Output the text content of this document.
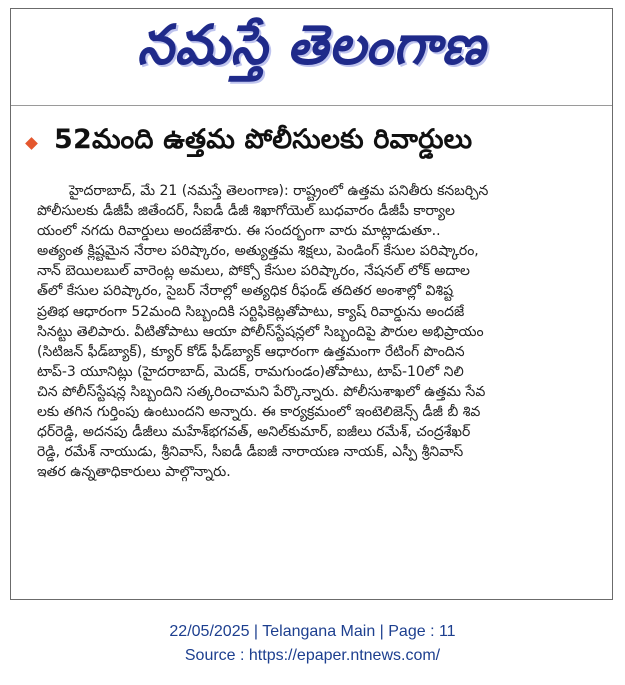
నమస్తే తెలంగాణ
52మంది ఉత్తమ పోలీసులకు రివార్డులు
హైదరాబాద్, మే 21 (నమస్తే తెలంగాణ): రాష్ట్రంలో ఉత్తమ పనితీరు కనబర్చిన
పోలీసులకు డీజీపీ జితేందర్, సీఐడీ డీజీ శిఖాగోయెల్ బుధవారం డీజీపీ కార్యాల
యంలో నగదు రివార్డులు అందజేశారు. ఈ సందర్భంగా వారు మాట్లాడుతూ..
అత్యంత క్లిష్టమైన నేరాల పరిష్కారం, అత్యుత్తమ శిక్షలు, పెండింగ్ కేసుల పరిష్కారం,
నాన్ బెయిలబుల్ వారెంట్ల అమలు, పోక్సో కేసుల పరిష్కారం, నేషనల్ లోక్ అదాల
త్‌లో కేసుల పరిష్కారం, సైబర్ నేరాల్లో అత్యధిక రీఫండ్ తదితర అంశాల్లో విశిష్ట
ప్రతిభ ఆధారంగా 52మంది సిబ్బందికి సర్టిఫికెట్లతోపాటు, క్యాష్ రివార్డును అందజే
సినట్టు తెలిపారు. వీటితోపాటు ఆయా పోలీస్‌స్టేషన్లలో సిబ్బందిపై పౌరుల అభిప్రాయం
(సిటిజన్ ఫీడ్‌బ్యాక్), క్యూర్ కోడ్ ఫీడ్‌బ్యాక్ ఆధారంగా ఉత్తమంగా రేటింగ్ పొందిన
టాప్-3 యూనిట్లు (హైదరాబాద్, మెదక్, రామగుండం)తోపాటు, టాప్-10లో నిలి
చిన పోలీస్‌స్టేషన్ల సిబ్బందిని సత్కరించామని పేర్కొన్నారు. పోలీసుశాఖలో ఉత్తమ సేవ
లకు తగిన గుర్తింపు ఉంటుందని అన్నారు. ఈ కార్యక్రమంలో ఇంటెలిజెన్స్ డీజీ బీ శివ
ధర్‌రెడ్డి, అదనపు డీజీలు మహేశ్‌భగవత్, అనిల్‌కుమార్, ఐజీలు రమేశ్, చంద్రశేఖర్
రెడ్డి, రమేశ్ నాయుడు, శ్రీనివాస్, సీఐడీ డీఐజీ నారాయణ నాయక్, ఎస్పీ శ్రీనివాస్
ఇతర ఉన్నతాధికారులు పాల్గొన్నారు.
22/05/2025 | Telangana Main | Page : 11
Source : https://epaper.ntnews.com/
